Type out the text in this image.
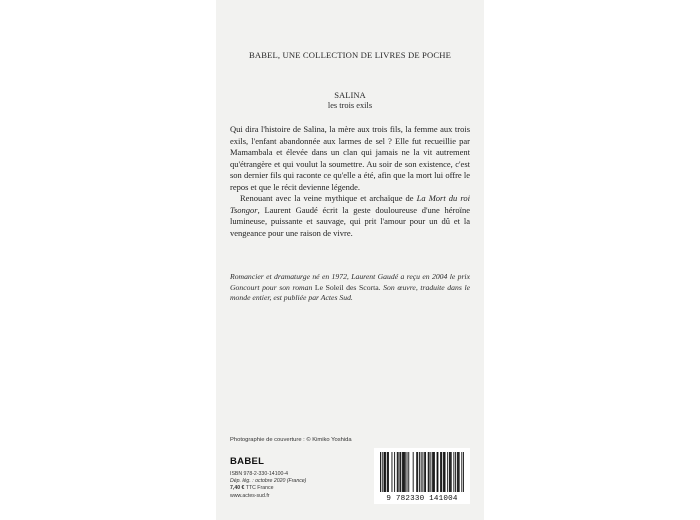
BABEL, UNE COLLECTION DE LIVRES DE POCHE
SALINA
les trois exils

Qui dira l'histoire de Salina, la mère aux trois fils, la femme aux trois exils, l'enfant abandonnée aux larmes de sel ? Elle fut recueillie par Mamambala et élevée dans un clan qui jamais ne la vit autrement qu'étrangère et qui voulut la soumettre. Au soir de son existence, c'est son dernier fils qui raconte ce qu'elle a été, afin que la mort lui offre le repos et que le récit devienne légende.

Renouant avec la veine mythique et archaïque de La Mort du roi Tsongor, Laurent Gaudé écrit la geste douloureuse d'une héroïne lumineuse, puissante et sauvage, qui prit l'amour pour un dû et la vengeance pour une raison de vivre.

Romancier et dramaturge né en 1972, Laurent Gaudé a reçu en 2004 le prix Goncourt pour son roman Le Soleil des Scorta. Son œuvre, traduite dans le monde entier, est publiée par Actes Sud.
Photographie de couverture : © Kimiko Yoshida
BABEL
ISBN 978-2-330-14100-4
Dép. lég. : octobre 2020 (France)
7,40 € TTC France
www.actes-sud.fr	9 782330 141004
